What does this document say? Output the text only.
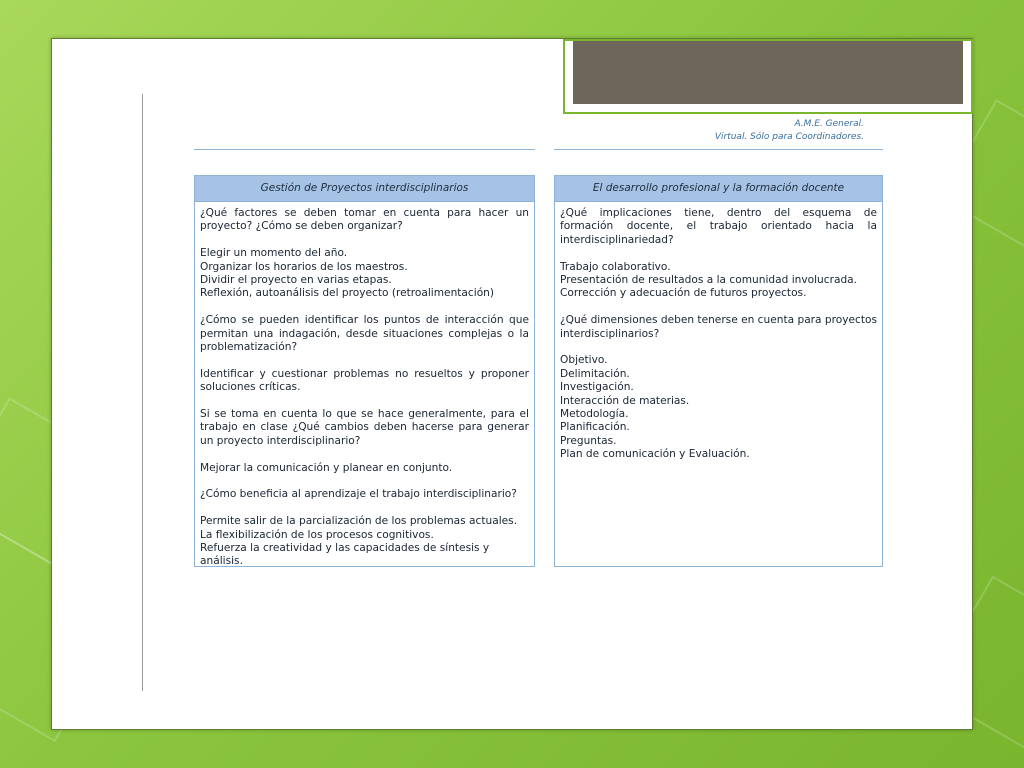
A.M.E. General.
Virtual. Sólo para Coordinadores.
Gestión de Proyectos interdisciplinarios

¿Qué factores se deben tomar en cuenta para hacer un proyecto? ¿Cómo se deben organizar?

Elegir un momento del año.
Organizar los horarios de los maestros.
Dividir el proyecto en varias etapas.
Reflexión, autoanálisis del proyecto (retroalimentación)

¿Cómo se pueden identificar los puntos de interacción que permitan una indagación, desde situaciones complejas o la problematización?

Identificar y cuestionar problemas no resueltos y proponer soluciones críticas.

Si se toma en cuenta lo que se hace generalmente, para el trabajo en clase ¿Qué cambios deben hacerse para generar un proyecto interdisciplinario?

Mejorar la comunicación y planear en conjunto.

¿Cómo beneficia al aprendizaje el trabajo interdisciplinario?

Permite salir de la parcialización de los problemas actuales.
La flexibilización de los procesos cognitivos.
Refuerza la creatividad y las capacidades de síntesis y análisis.

El desarrollo profesional y la formación docente

¿Qué implicaciones tiene, dentro del esquema de formación docente, el trabajo orientado hacia la interdisciplinariedad?

Trabajo colaborativo.
Presentación de resultados a la comunidad involucrada.
Corrección y adecuación de futuros proyectos.

¿Qué dimensiones deben tenerse en cuenta para proyectos interdisciplinarios?

Objetivo.
Delimitación.
Investigación.
Interacción de materias.
Metodología.
Planificación.
Preguntas.
Plan de comunicación y Evaluación.
